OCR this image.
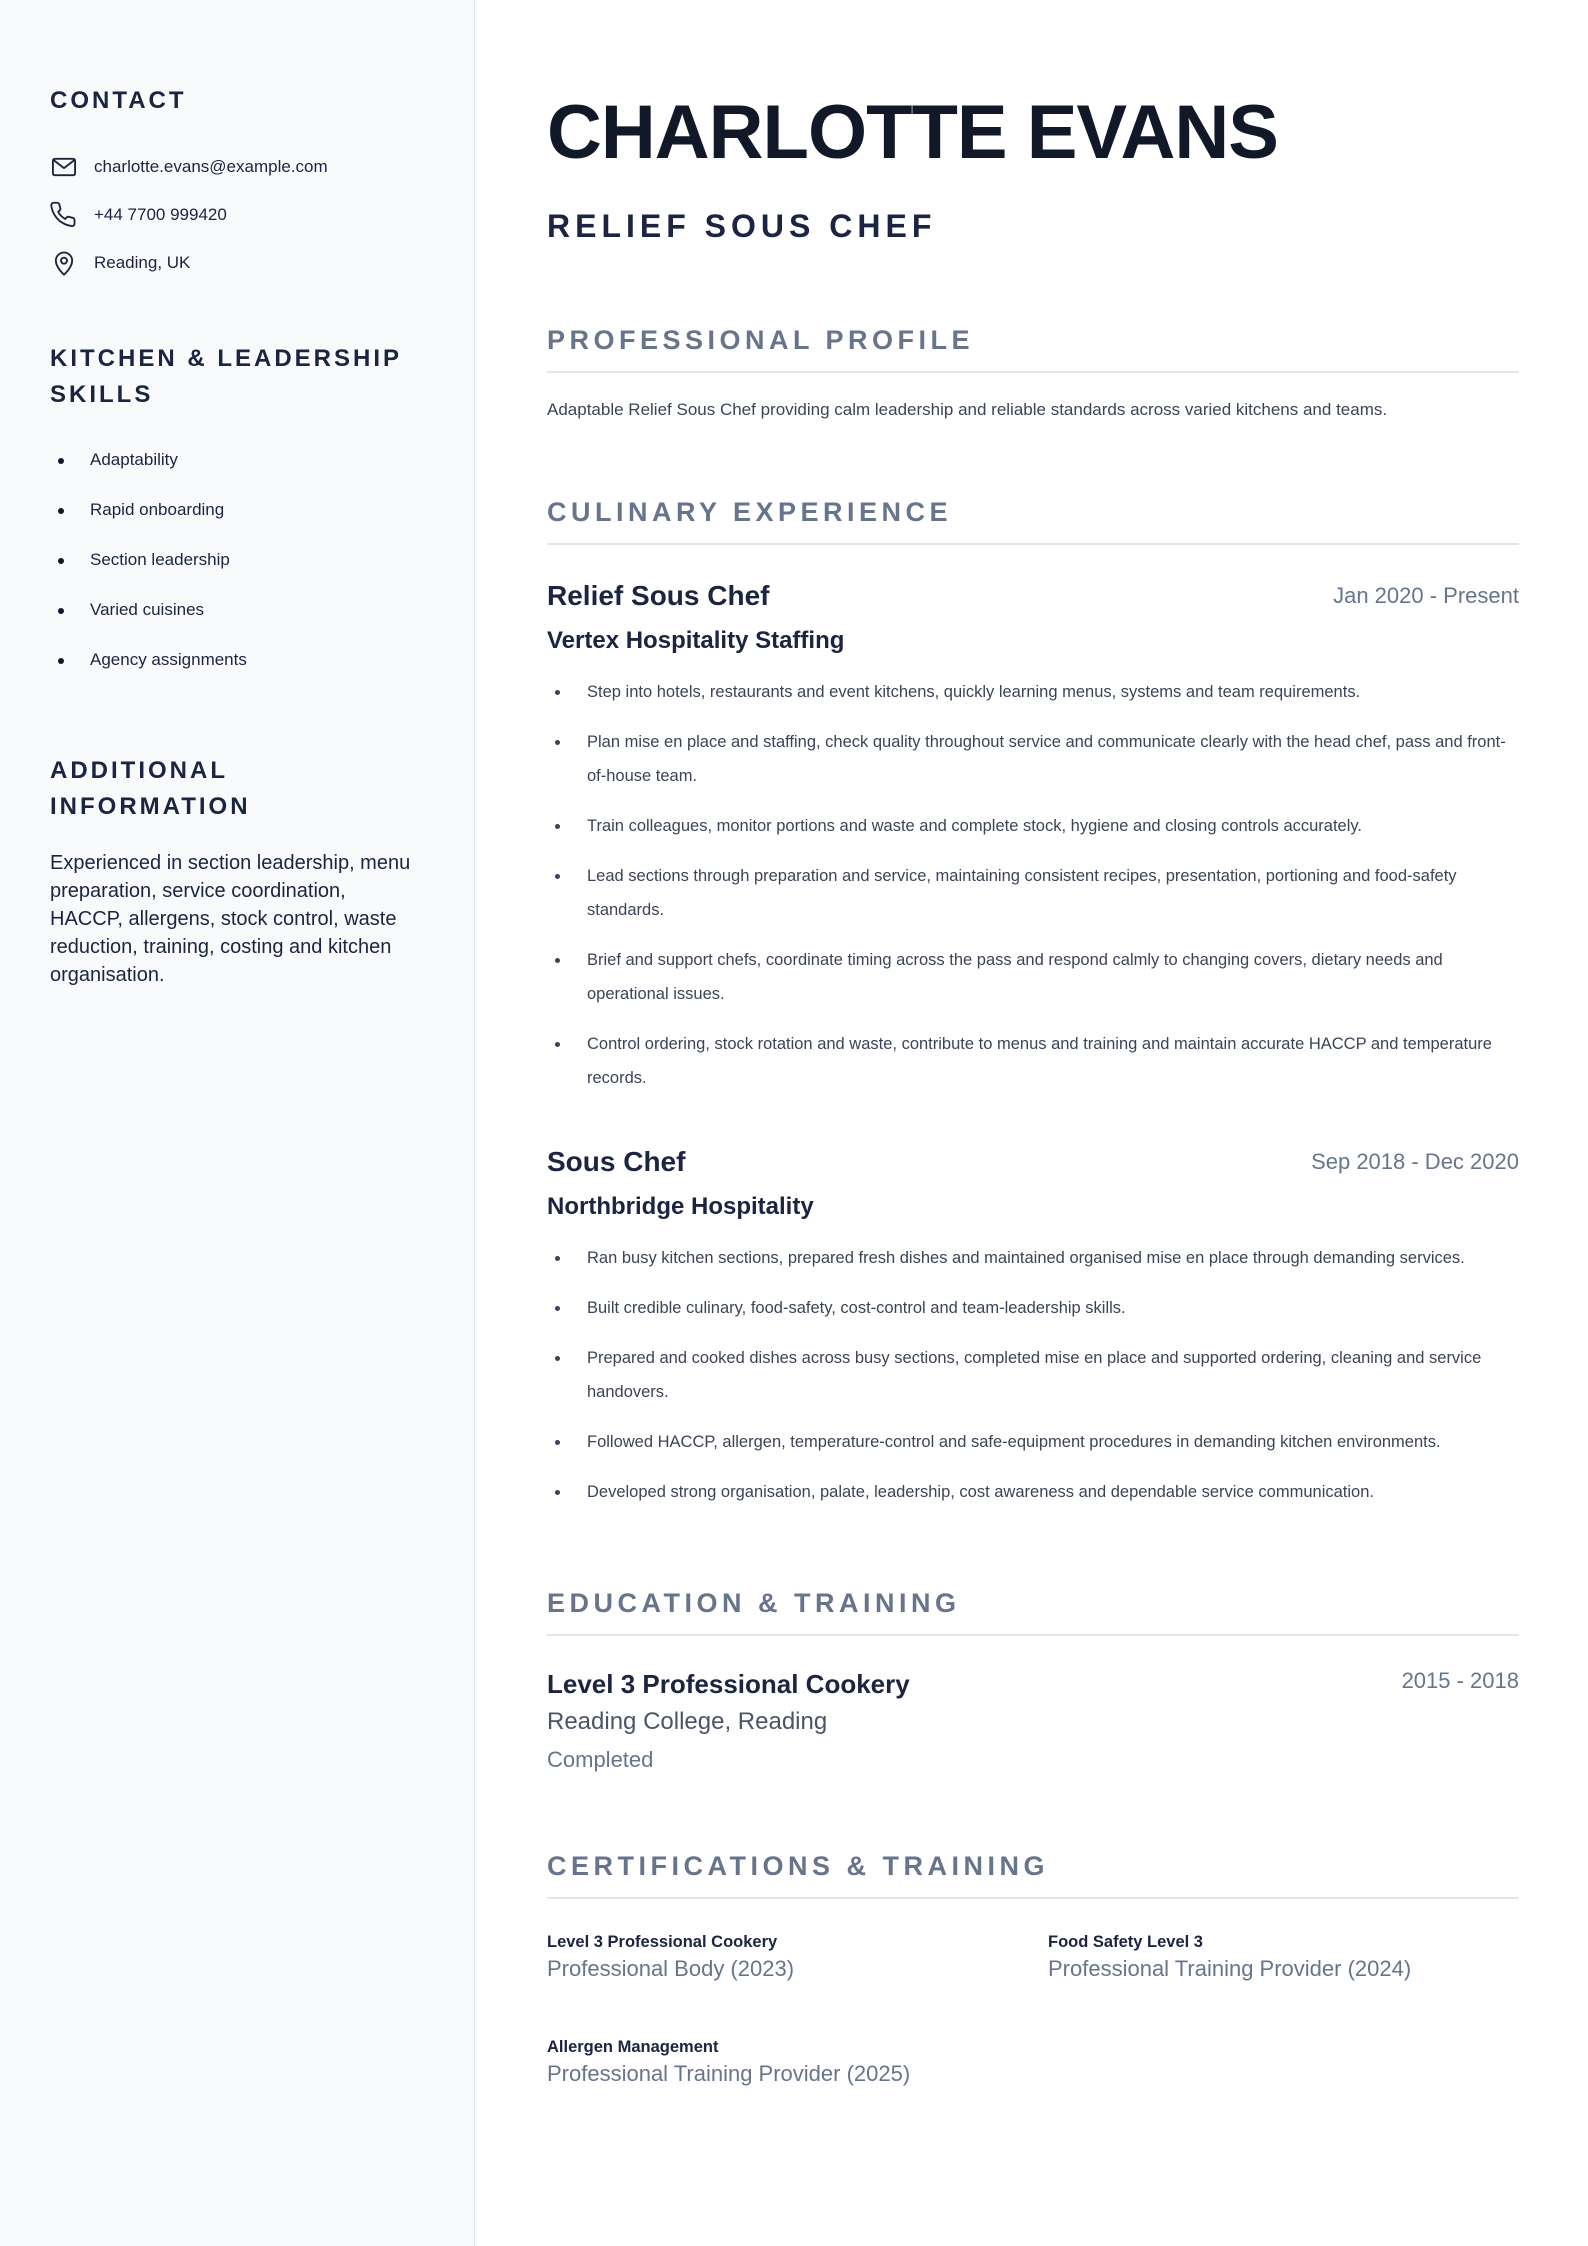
CONTACT
charlotte.evans@example.com
+44 7700 999420
Reading, UK
KITCHEN & LEADERSHIP SKILLS
Adaptability
Rapid onboarding
Section leadership
Varied cuisines
Agency assignments
ADDITIONAL INFORMATION
Experienced in section leadership, menu preparation, service coordination, HACCP, allergens, stock control, waste reduction, training, costing and kitchen organisation.
CHARLOTTE EVANS
RELIEF SOUS CHEF
PROFESSIONAL PROFILE
Adaptable Relief Sous Chef providing calm leadership and reliable standards across varied kitchens and teams.
CULINARY EXPERIENCE
Relief Sous Chef	Jan 2020 - Present
Vertex Hospitality Staffing
Step into hotels, restaurants and event kitchens, quickly learning menus, systems and team requirements.
Plan mise en place and staffing, check quality throughout service and communicate clearly with the head chef, pass and front-of-house team.
Train colleagues, monitor portions and waste and complete stock, hygiene and closing controls accurately.
Lead sections through preparation and service, maintaining consistent recipes, presentation, portioning and food-safety standards.
Brief and support chefs, coordinate timing across the pass and respond calmly to changing covers, dietary needs and operational issues.
Control ordering, stock rotation and waste, contribute to menus and training and maintain accurate HACCP and temperature records.
Sous Chef	Sep 2018 - Dec 2020
Northbridge Hospitality
Ran busy kitchen sections, prepared fresh dishes and maintained organised mise en place through demanding services.
Built credible culinary, food-safety, cost-control and team-leadership skills.
Prepared and cooked dishes across busy sections, completed mise en place and supported ordering, cleaning and service handovers.
Followed HACCP, allergen, temperature-control and safe-equipment procedures in demanding kitchen environments.
Developed strong organisation, palate, leadership, cost awareness and dependable service communication.
EDUCATION & TRAINING
Level 3 Professional Cookery	2015 - 2018
Reading College, Reading
Completed
CERTIFICATIONS & TRAINING
Level 3 Professional Cookery
Professional Body (2023)
Food Safety Level 3
Professional Training Provider (2024)
Allergen Management
Professional Training Provider (2025)
